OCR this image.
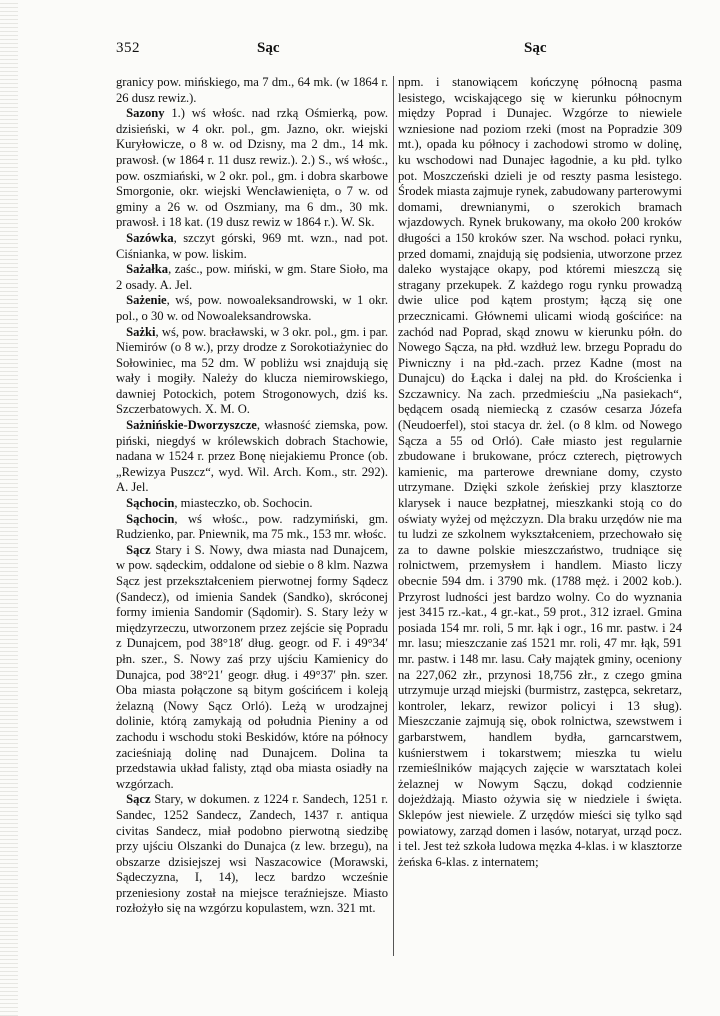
352	Sąc	Sąc

granicy pow. mińskiego, ma 7 dm., 64 mk. (w 1864 r. 26 dusz rewiz.).

Sazony 1.) wś włośc. nad rzką Ośmierką, pow. dzisieński, w 4 okr. pol., gm. Jazno, okr. wiejski Kuryłowicze, o 8 w. od Dzisny, ma 2 dm., 14 mk. prawosł. (w 1864 r. 11 dusz rewiz.). 2.) S., wś włośc., pow. oszmiański, w 2 okr. pol., gm. i dobra skarbowe Smorgonie, okr. wiejski Wencławienięta, o 7 w. od gminy a 26 w. od Oszmiany, ma 6 dm., 30 mk. prawosł. i 18 kat. (19 dusz rewiz w 1864 r.). W. Sk.

Sazówka, szczyt górski, 969 mt. wzn., nad pot. Ciśnianka, w pow. liskim.

Sażałka, zaśc., pow. miński, w gm. Stare Sioło, ma 2 osady. A. Jel.

Sażenie, wś, pow. nowoaleksandrowski, w 1 okr. pol., o 30 w. od Nowoaleksandrowska.

Sażki, wś, pow. bracławski, w 3 okr. pol., gm. i par. Niemirów (o 8 w.), przy drodze z Sorokotiażyniec do Sołowiniec, ma 52 dm. W pobliżu wsi znajdują się wały i mogiły. Należy do klucza niemirowskiego, dawniej Potockich, potem Strogonowych, dziś ks. Szczerbatowych. X. M. O.

Sażnińskie-Dworzyszcze, własność ziemska, pow. piński, niegdyś w królewskich dobrach Stachowie, nadana w 1524 r. przez Bonę niejakiemu Pronce (ob. „Rewizya Puszcz“, wyd. Wil. Arch. Kom., str. 292). A. Jel.

Sąchocin, miasteczko, ob. Sochocin.

Sąchocin, wś włośc., pow. radzymiński, gm. Rudzienko, par. Pniewnik, ma 75 mk., 153 mr. włośc.

Sącz Stary i S. Nowy, dwa miasta nad Dunajcem, w pow. sądeckim, oddalone od siebie o 8 klm. Nazwa Sącz jest przekształceniem pierwotnej formy Sądecz (Sandecz), od imienia Sandek (Sandko), skróconej formy imienia Sandomir (Sądomir). S. Stary leży w międzyrzeczu, utworzonem przez zejście się Popradu z Dunajcem, pod 38°18′ dług. geogr. od F. i 49°34′ płn. szer., S. Nowy zaś przy ujściu Kamienicy do Dunajca, pod 38°21′ geogr. dług. i 49°37′ płn. szer. Oba miasta połączone są bitym gościńcem i koleją żelazną (Nowy Sącz Orló). Leżą w urodzajnej dolinie, którą zamykają od południa Pieniny a od zachodu i wschodu stoki Beskidów, które na północy zacieśniają dolinę nad Dunajcem. Dolina ta przedstawia układ falisty, ztąd oba miasta osiadły na wzgórzach.

Sącz Stary, w dokumen. z 1224 r. Sandech, 1251 r. Sandec, 1252 Sandecz, Zandech, 1437 r. antiqua civitas Sandecz, miał podobno pierwotną siedzibę przy ujściu Olszanki do Dunajca (z lew. brzegu), na obszarze dzisiejszej wsi Naszacowice (Morawski, Sądeczyzna, I, 14), lecz bardzo wcześnie przeniesiony został na miejsce teraźniejsze. Miasto rozłożyło się na wzgórzu kopulastem, wzn. 321 mt.

npm. i stanowiącem kończynę północną pasma lesistego, wciskającego się w kierunku północnym między Poprad i Dunajec. Wzgórze to niewiele wzniesione nad poziom rzeki (most na Popradzie 309 mt.), opada ku północy i zachodowi stromo w dolinę, ku wschodowi nad Dunajec łagodnie, a ku płd. tylko pot. Moszczeński dzieli je od reszty pasma lesistego. Środek miasta zajmuje rynek, zabudowany parterowymi domami, drewnianymi, o szerokich bramach wjazdowych. Rynek brukowany, ma około 200 kroków długości a 150 kroków szer. Na wschod. połaci rynku, przed domami, znajdują się podsienia, utworzone przez daleko wystające okapy, pod któremi mieszczą się stragany przekupek. Z każdego rogu rynku prowadzą dwie ulice pod kątem prostym; łączą się one przecznicami. Głównemi ulicami wiodą gościńce: na zachód nad Poprad, skąd znowu w kierunku półn. do Nowego Sącza, na płd. wzdłuż lew. brzegu Popradu do Piwniczny i na płd.-zach. przez Kadne (most na Dunajcu) do Łącka i dalej na płd. do Krościenka i Szczawnicy. Na zach. przedmieściu „Na pasiekach“, będącem osadą niemiecką z czasów cesarza Józefa (Neudoerfel), stoi stacya dr. żel. (o 8 klm. od Nowego Sącza a 55 od Orló). Całe miasto jest regularnie zbudowane i brukowane, prócz czterech, piętrowych kamienic, ma parterowe drewniane domy, czysto utrzymane. Dzięki szkole żeńskiej przy klasztorze klarysek i nauce bezpłatnej, mieszkanki stoją co do oświaty wyżej od mężczyzn. Dla braku urzędów nie ma tu ludzi ze szkolnem wykształceniem, przechowało się za to dawne polskie mieszczaństwo, trudniące się rolnictwem, przemysłem i handlem. Miasto liczy obecnie 594 dm. i 3790 mk. (1788 męż. i 2002 kob.). Przyrost ludności jest bardzo wolny. Co do wyznania jest 3415 rz.-kat., 4 gr.-kat., 59 prot., 312 izrael. Gmina posiada 154 mr. roli, 5 mr. łąk i ogr., 16 mr. pastw. i 24 mr. lasu; mieszczanie zaś 1521 mr. roli, 47 mr. łąk, 591 mr. pastw. i 148 mr. lasu. Cały majątek gminy, oceniony na 227,062 złr., przynosi 18,756 złr., z czego gmina utrzymuje urząd miejski (burmistrz, zastępca, sekretarz, kontroler, lekarz, rewizor policyi i 13 sług). Mieszczanie zajmują się, obok rolnictwa, szewstwem i garbarstwem, handlem bydła, garncarstwem, kuśnierstwem i tokarstwem; mieszka tu wielu rzemieślników mających zajęcie w warsztatach kolei żelaznej w Nowym Sączu, dokąd codziennie dojeżdżają. Miasto ożywia się w niedziele i święta. Sklepów jest niewiele. Z urzędów mieści się tylko sąd powiatowy, zarząd domen i lasów, notaryat, urząd pocz. i tel. Jest też szkoła ludowa męzka 4-klas. i w klasztorze żeńska 6-klas. z internatem;
